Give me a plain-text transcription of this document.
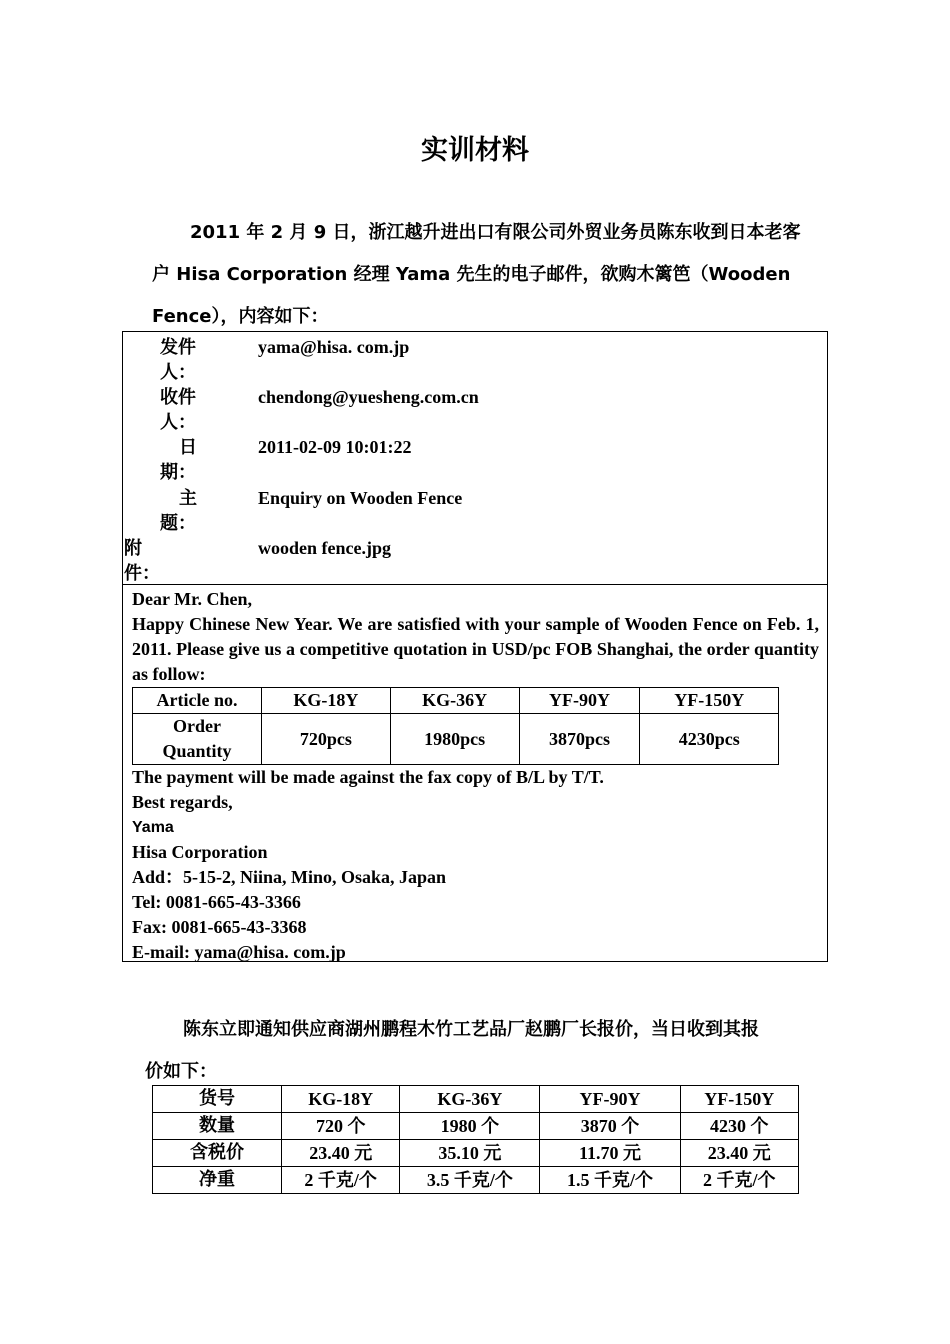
实训材料
2011 年 2 月 9 日，浙江越升进出口有限公司外贸业务员陈东收到日本老客
户 Hisa Corporation 经理 Yama 先生的电子邮件，欲购木篱笆（Wooden
Fence），内容如下：
发件
人：
yama@hisa. com.jp
收件
人：
chendong@yuesheng.com.cn
日
期：
2011-02-09 10:01:22
主
题：
Enquiry on Wooden Fence
附
件：
wooden fence.jpg
Dear Mr. Chen,
Happy Chinese New Year. We are satisfied with your sample of Wooden Fence on Feb. 1, 2011. Please give us a competitive quotation in USD/pc FOB Shanghai, the order quantity as follow:
Article no.	KG-18Y	KG-36Y	YF-90Y	YF-150Y

Order
Quantity	720pcs	1980pcs	3870pcs	4230pcs
The payment will be made against the fax copy of B/L by T/T.
Best regards,
Yama
Hisa Corporation
Add：5-15-2, Niina, Mino, Osaka, Japan
Tel: 0081-665-43-3366
Fax: 0081-665-43-3368
E-mail: yama@hisa. com.jp
陈东立即通知供应商湖州鹏程木竹工艺品厂赵鹏厂长报价，当日收到其报
价如下：
货号	KG-18Y	KG-36Y	YF-90Y	YF-150Y
数量	720 个	1980 个	3870 个	4230 个
含税价	23.40 元	35.10 元	11.70 元	23.40 元
净重	2 千克/个	3.5 千克/个	1.5 千克/个	2 千克/个
